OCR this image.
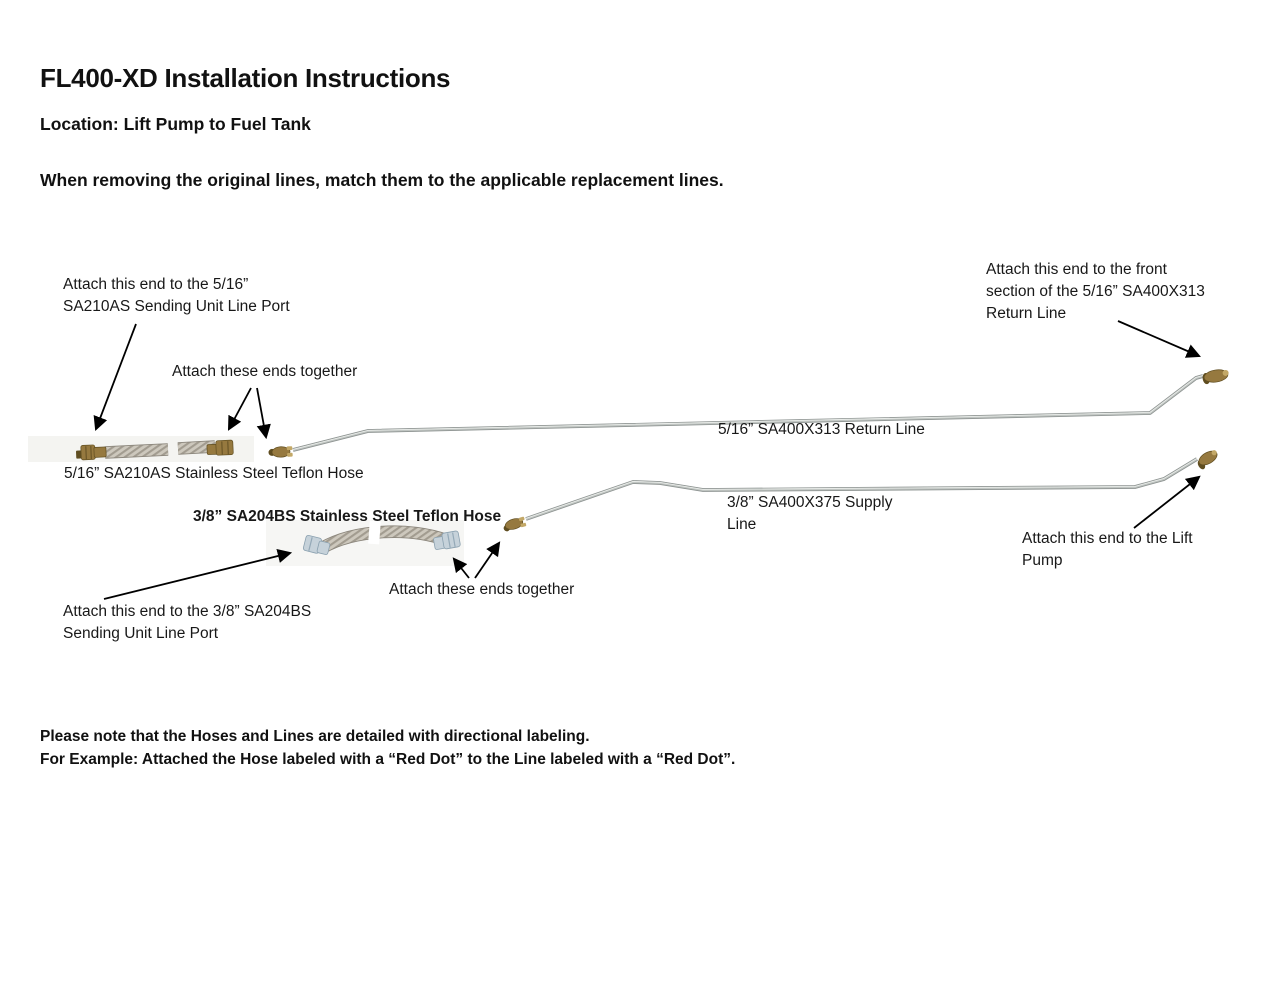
FL400-XD Installation Instructions
Location: Lift Pump to Fuel Tank
When removing the original lines, match them to the applicable replacement lines.
Attach this end to the 5/16”
SA210AS Sending Unit Line Port
Attach these ends together
Attach this end to the front
section of the 5/16” SA400X313
Return Line
5/16” SA400X313 Return Line
5/16” SA210AS Stainless Steel Teflon Hose
3/8” SA204BS Stainless Steel Teflon Hose
3/8” SA400X375 Supply
Line
Attach these ends together
Attach this end to the Lift
Pump
Attach this end to the 3/8” SA204BS
Sending Unit Line Port
Please note that the Hoses and Lines are detailed with directional labeling.
For Example: Attached the Hose labeled with a “Red Dot” to the Line labeled with a “Red Dot”.
